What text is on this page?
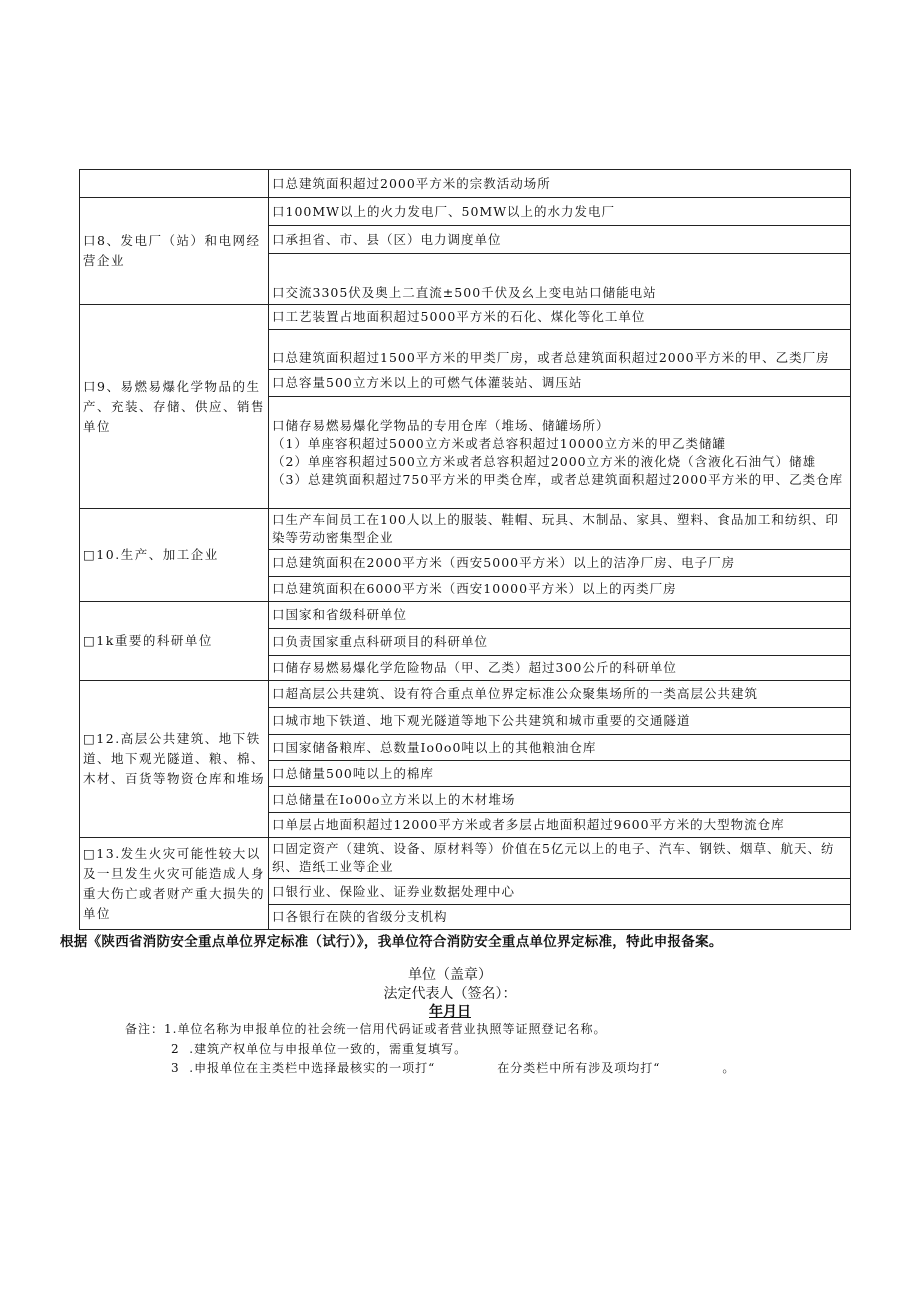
	口总建筑面积超过2000平方米的宗教活动场所
口8、发电厂（站）和电网经营企业	口100MW以上的火力发电厂、50MW以上的水力发电厂
	口承担省、市、县（区）电力调度单位
	口交流3305伏及奥上二直流±500千伏及幺上变电站口储能电站
口9、易燃易爆化学物品的生产、充装、存储、供应、销售单位	口工艺装置占地面积超过5000平方米的石化、煤化等化工单位
	口总建筑面积超过1500平方米的甲类厂房，或者总建筑面积超过2000平方米的甲、乙类厂房
	口总容量500立方米以上的可燃气体灌装站、调压站

	口储存易燃易爆化学物品的专用仓库（堆场、储罐场所）
（1）单座容积超过5000立方米或者总容积超过10000立方米的甲乙类储罐
（2）单座容积超过500立方米或者总容积超过2000立方米的液化烧（含液化石油气）储雄
（3）总建筑面积超过750平方米的甲类仓库，或者总建筑面积超过2000平方米的甲、乙类仓库

□10.生产、加工企业	口生产车间员工在100人以上的服装、鞋帽、玩具、木制品、家具、塑料、食品加工和纺织、印染等劳动密集型企业
	口总建筑面积在2000平方米（西安5000平方米）以上的洁净厂房、电子厂房
	口总建筑面积在6000平方米（西安10000平方米）以上的丙类厂房
□1k重要的科研单位	口国家和省级科研单位
	口负责国家重点科研项目的科研单位
	口储存易燃易爆化学危险物品（甲、乙类）超过300公斤的科研单位
□12.高层公共建筑、地下铁道、地下观光隧道、粮、棉、木材、百货等物资仓库和堆场	口超高层公共建筑、设有符合重点单位界定标准公众聚集场所的一类高层公共建筑
	口城市地下铁道、地下观光隧道等地下公共建筑和城市重要的交通隧道
	口国家储备粮库、总数量Io0o0吨以上的其他粮油仓库
	口总储量500吨以上的棉库
	口总储量在Io00o立方米以上的木材堆场
	口单层占地面积超过12000平方米或者多层占地面积超过9600平方米的大型物流仓库
□13.发生火灾可能性较大以及一旦发生火灾可能造成人身重大伤亡或者财产重大损失的单位	口固定资产（建筑、设备、原材料等）价值在5亿元以上的电子、汽车、钢铁、烟草、航天、纺织、造纸工业等企业
	口银行业、保险业、证券业数据处理中心
	口各银行在陕的省级分支机构
根据《陕西省消防安全重点单位界定标准（试行）》，我单位符合消防安全重点单位界定标准，特此申报备案。
单位（盖章）
法定代表人（签名）：
年月日
备注：1.单位名称为申报单位的社会统一信用代码证或者营业执照等证照登记名称。
2  .建筑产权单位与申报单位一致的，需重复填写。
3  .申报单位在主类栏中选择最核实的一项打“	在分类栏中所有涉及项均打“	。
